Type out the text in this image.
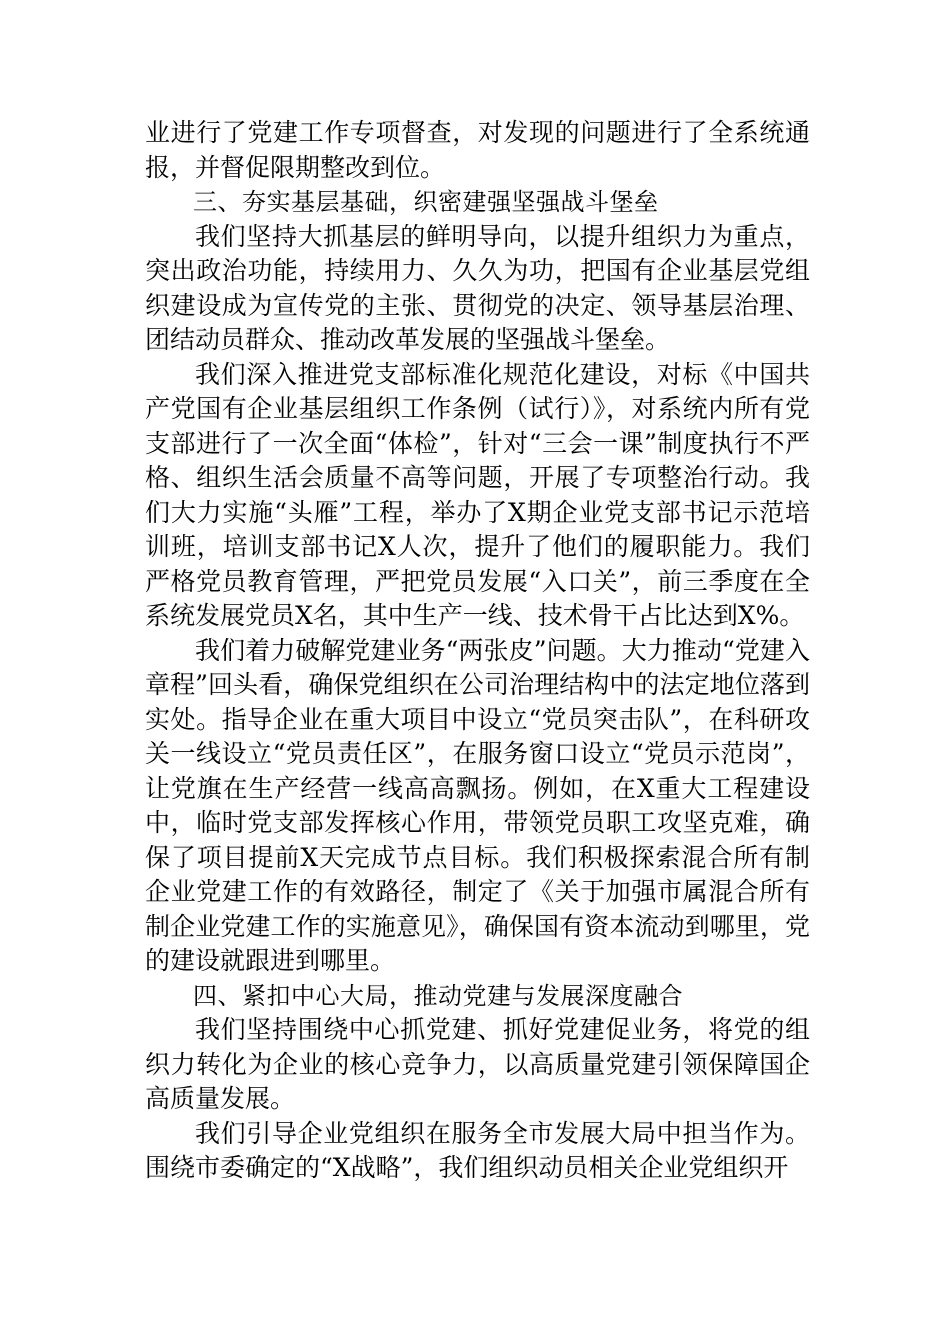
业进行了党建工作专项督查，对发现的问题进行了全系统通报，并督促限期整改到位。

三、夯实基层基础，织密建强坚强战斗堡垒

我们坚持大抓基层的鲜明导向，以提升组织力为重点，突出政治功能，持续用力、久久为功，把国有企业基层党组织建设成为宣传党的主张、贯彻党的决定、领导基层治理、团结动员群众、推动改革发展的坚强战斗堡垒。

我们深入推进党支部标准化规范化建设，对标《中国共产党国有企业基层组织工作条例（试行）》，对系统内所有党支部进行了一次全面“体检”，针对“三会一课”制度执行不严格、组织生活会质量不高等问题，开展了专项整治行动。我们大力实施“头雁”工程，举办了X期企业党支部书记示范培训班，培训支部书记X人次，提升了他们的履职能力。我们严格党员教育管理，严把党员发展“入口关”，前三季度在全系统发展党员X名，其中生产一线、技术骨干占比达到X%。

我们着力破解党建业务“两张皮”问题。大力推动“党建入章程”回头看，确保党组织在公司治理结构中的法定地位落到实处。指导企业在重大项目中设立“党员突击队”，在科研攻关一线设立“党员责任区”，在服务窗口设立“党员示范岗”，让党旗在生产经营一线高高飘扬。例如，在X重大工程建设中，临时党支部发挥核心作用，带领党员职工攻坚克难，确保了项目提前X天完成节点目标。我们积极探索混合所有制企业党建工作的有效路径，制定了《关于加强市属混合所有制企业党建工作的实施意见》，确保国有资本流动到哪里，党的建设就跟进到哪里。

四、紧扣中心大局，推动党建与发展深度融合

我们坚持围绕中心抓党建、抓好党建促业务，将党的组织力转化为企业的核心竞争力，以高质量党建引领保障国企高质量发展。

我们引导企业党组织在服务全市发展大局中担当作为。围绕市委确定的“X战略”，我们组织动员相关企业党组织开
